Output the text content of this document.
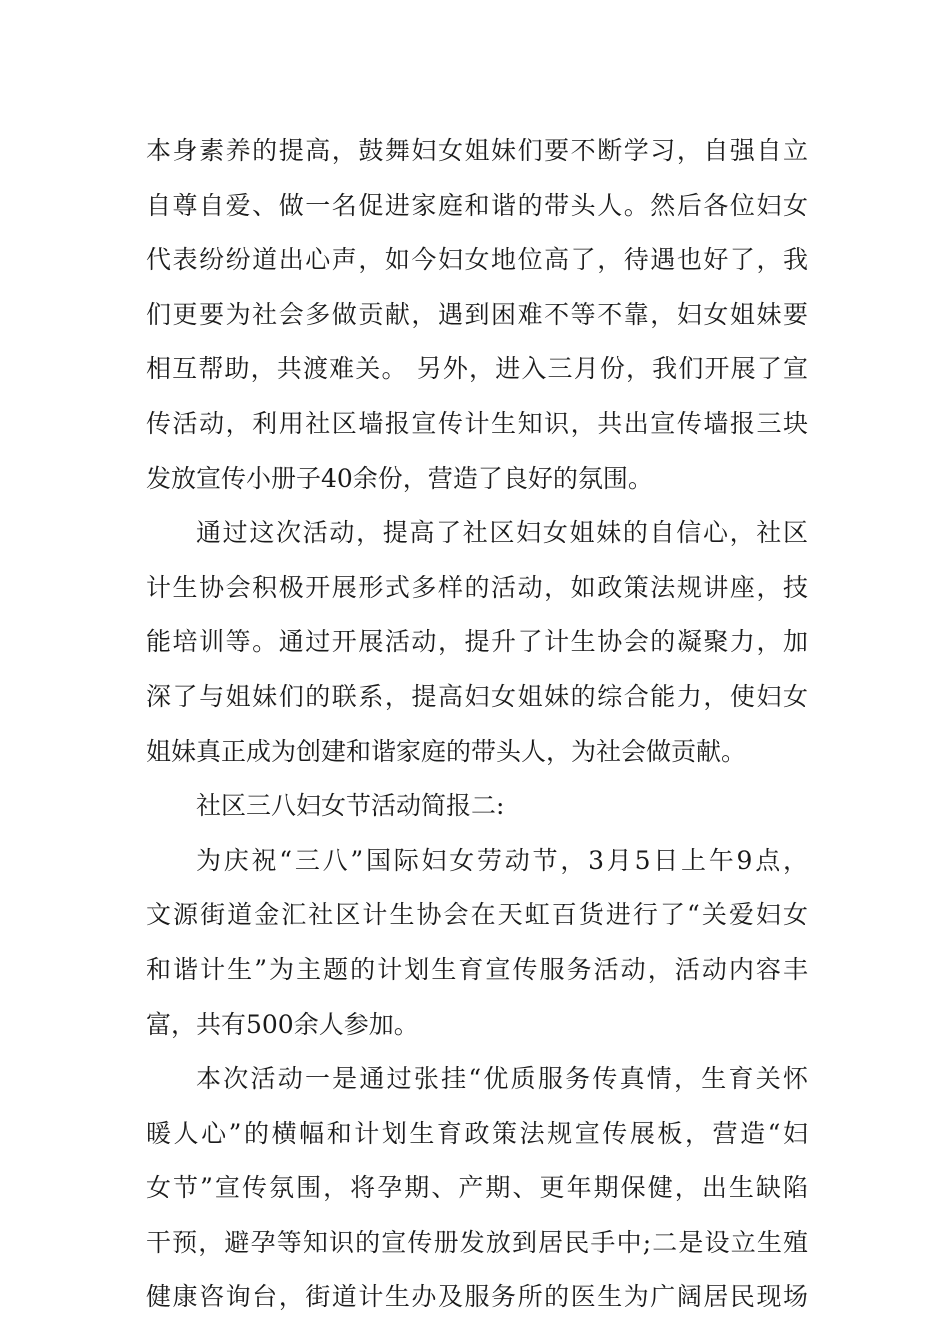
本身素养的提高，鼓舞妇女姐妹们要不断学习，自强自立
自尊自爱、做一名促进家庭和谐的带头人。然后各位妇女
代表纷纷道出心声，如今妇女地位高了，待遇也好了，我
们更要为社会多做贡献，遇到困难不等不靠，妇女姐妹要
相互帮助，共渡难关。 另外，进入三月份，我们开展了宣
传活动，利用社区墙报宣传计生知识，共出宣传墙报三块
发放宣传小册子40余份，营造了良好的氛围。
通过这次活动，提高了社区妇女姐妹的自信心，社区
计生协会积极开展形式多样的活动，如政策法规讲座，技
能培训等。通过开展活动，提升了计生协会的凝聚力，加
深了与姐妹们的联系，提高妇女姐妹的综合能力，使妇女
姐妹真正成为创建和谐家庭的带头人，为社会做贡献。
社区三八妇女节活动简报二:
为庆祝“三八”国际妇女劳动节，3月5日上午9点，
文源街道金汇社区计生协会在天虹百货进行了“关爱妇女
和谐计生”为主题的计划生育宣传服务活动，活动内容丰
富，共有500余人参加。
本次活动一是通过张挂“优质服务传真情，生育关怀
暖人心”的横幅和计划生育政策法规宣传展板，营造“妇
女节”宣传氛围，将孕期、产期、更年期保健，出生缺陷
干预，避孕等知识的宣传册发放到居民手中;二是设立生殖
健康咨询台，街道计生办及服务所的医生为广阔居民现场
